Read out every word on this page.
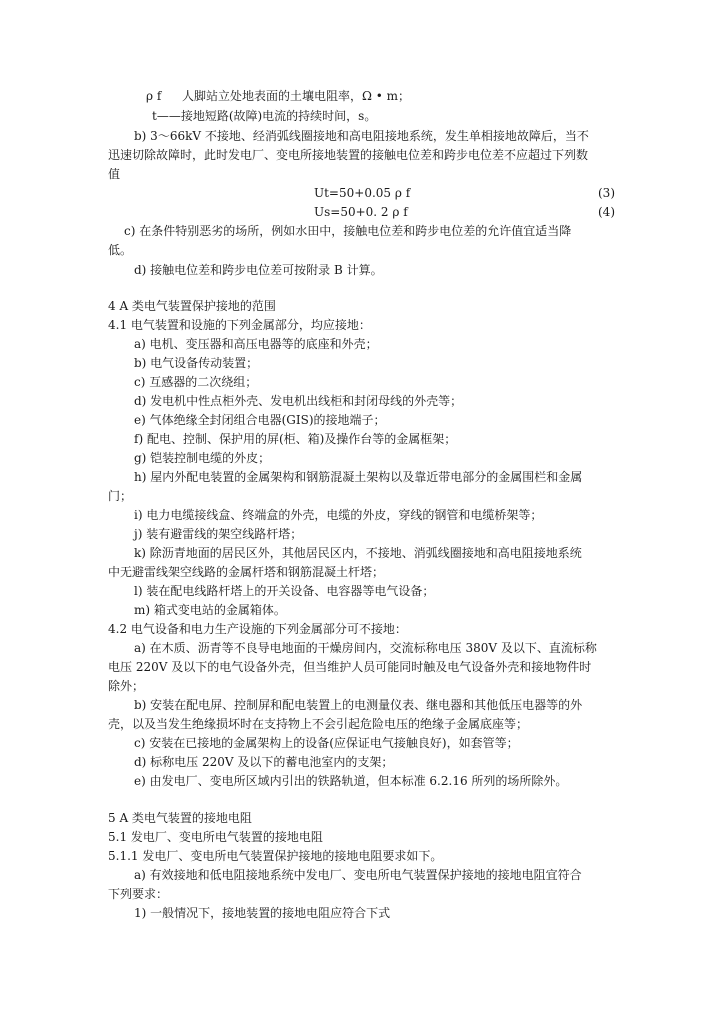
ρ f 人脚站立处地表面的土壤电阻率，Ω • m；
t——接地短路(故障)电流的持续时间，s。
b) 3～66kV 不接地、经消弧线圈接地和高电阻接地系统，发生单相接地故障后，当不
迅速切除故障时，此时发电厂、变电所接地装置的接触电位差和跨步电位差不应超过下列数
值
Ut=50+0.05 ρ f	(3)
Us=50+0. 2 ρ f	(4)
c) 在条件特别恶劣的场所，例如水田中，接触电位差和跨步电位差的允许值宜适当降
低。
d) 接触电位差和跨步电位差可按附录 B 计算。
4 A 类电气装置保护接地的范围
4.1 电气装置和设施的下列金属部分，均应接地：
a) 电机、变压器和高压电器等的底座和外壳；
b) 电气设备传动装置；
c) 互感器的二次绕组；
d) 发电机中性点柜外壳、发电机出线柜和封闭母线的外壳等；
e) 气体绝缘全封闭组合电器(GIS)的接地端子；
f) 配电、控制、保护用的屏(柜、箱)及操作台等的金属框架；
g) 铠装控制电缆的外皮；
h) 屋内外配电装置的金属架构和钢筋混凝土架构以及靠近带电部分的金属围栏和金属
门；
i) 电力电缆接线盒、终端盒的外壳，电缆的外皮，穿线的钢管和电缆桥架等；
j) 装有避雷线的架空线路杆塔；
k) 除沥青地面的居民区外，其他居民区内，不接地、消弧线圈接地和高电阻接地系统
中无避雷线架空线路的金属杆塔和钢筋混凝土杆塔；
l) 装在配电线路杆塔上的开关设备、电容器等电气设备；
m) 箱式变电站的金属箱体。
4.2 电气设备和电力生产设施的下列金属部分可不接地：
a) 在木质、沥青等不良导电地面的干燥房间内，交流标称电压 380V 及以下、直流标称
电压 220V 及以下的电气设备外壳，但当维护人员可能同时触及电气设备外壳和接地物件时
除外；
b) 安装在配电屏、控制屏和配电装置上的电测量仪表、继电器和其他低压电器等的外
壳，以及当发生绝缘损坏时在支持物上不会引起危险电压的绝缘子金属底座等；
c) 安装在已接地的金属架构上的设备(应保证电气接触良好)，如套管等；
d) 标称电压 220V 及以下的蓄电池室内的支架；
e) 由发电厂、变电所区域内引出的铁路轨道，但本标准 6.2.16 所列的场所除外。
5 A 类电气装置的接地电阻
5.1 发电厂、变电所电气装置的接地电阻
5.1.1 发电厂、变电所电气装置保护接地的接地电阻要求如下。
a) 有效接地和低电阻接地系统中发电厂、变电所电气装置保护接地的接地电阻宜符合
下列要求：
1) 一般情况下，接地装置的接地电阻应符合下式
